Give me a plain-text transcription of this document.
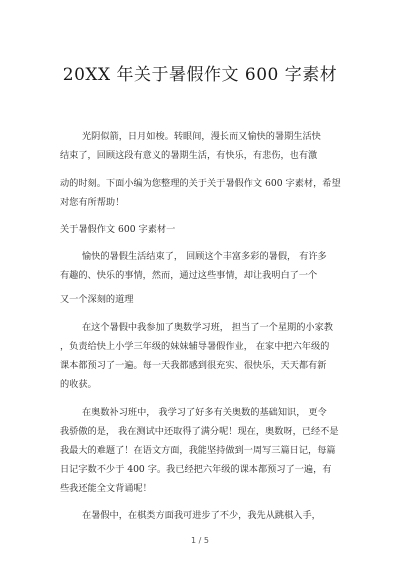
20XX 年关于暑假作文 600 字素材
光阴似箭，日月如梭。转眼间，漫长而又愉快的暑期生活快
结束了，回顾这段有意义的暑期生活，有快乐，有悲伤，也有激
动的时刻。下面小编为您整理的关于关于暑假作文 600 字素材，希望
对您有所帮助！
关于暑假作文 600 字素材一
愉快的暑假生活结束了， 回顾这个丰富多彩的暑假， 有许多
有趣的、快乐的事情，然而，通过这些事情，却让我明白了一个
又一个深刻的道理
在这个暑假中我参加了奥数学习班， 担当了一个星期的小家教
，负责给快上小学三年级的妹妹辅导暑假作业， 在家中把六年级的
课本都预习了一遍。每一天我都感到很充实、很快乐，天天都有新
的收获。
在奥数补习班中， 我学习了好多有关奥数的基础知识， 更令
我骄傲的是， 我在测试中还取得了满分呢！现在，奥数呀，已经不是
我最大的难题了！在语文方面，我能坚持做到一周写三篇日记，每篇
日记字数不少于 400 字。我已经把六年级的课本都预习了一遍，有
些我还能全文背诵呢！
在暑假中，在棋类方面我可进步了不少，我先从跳棋入手，
1 / 5
